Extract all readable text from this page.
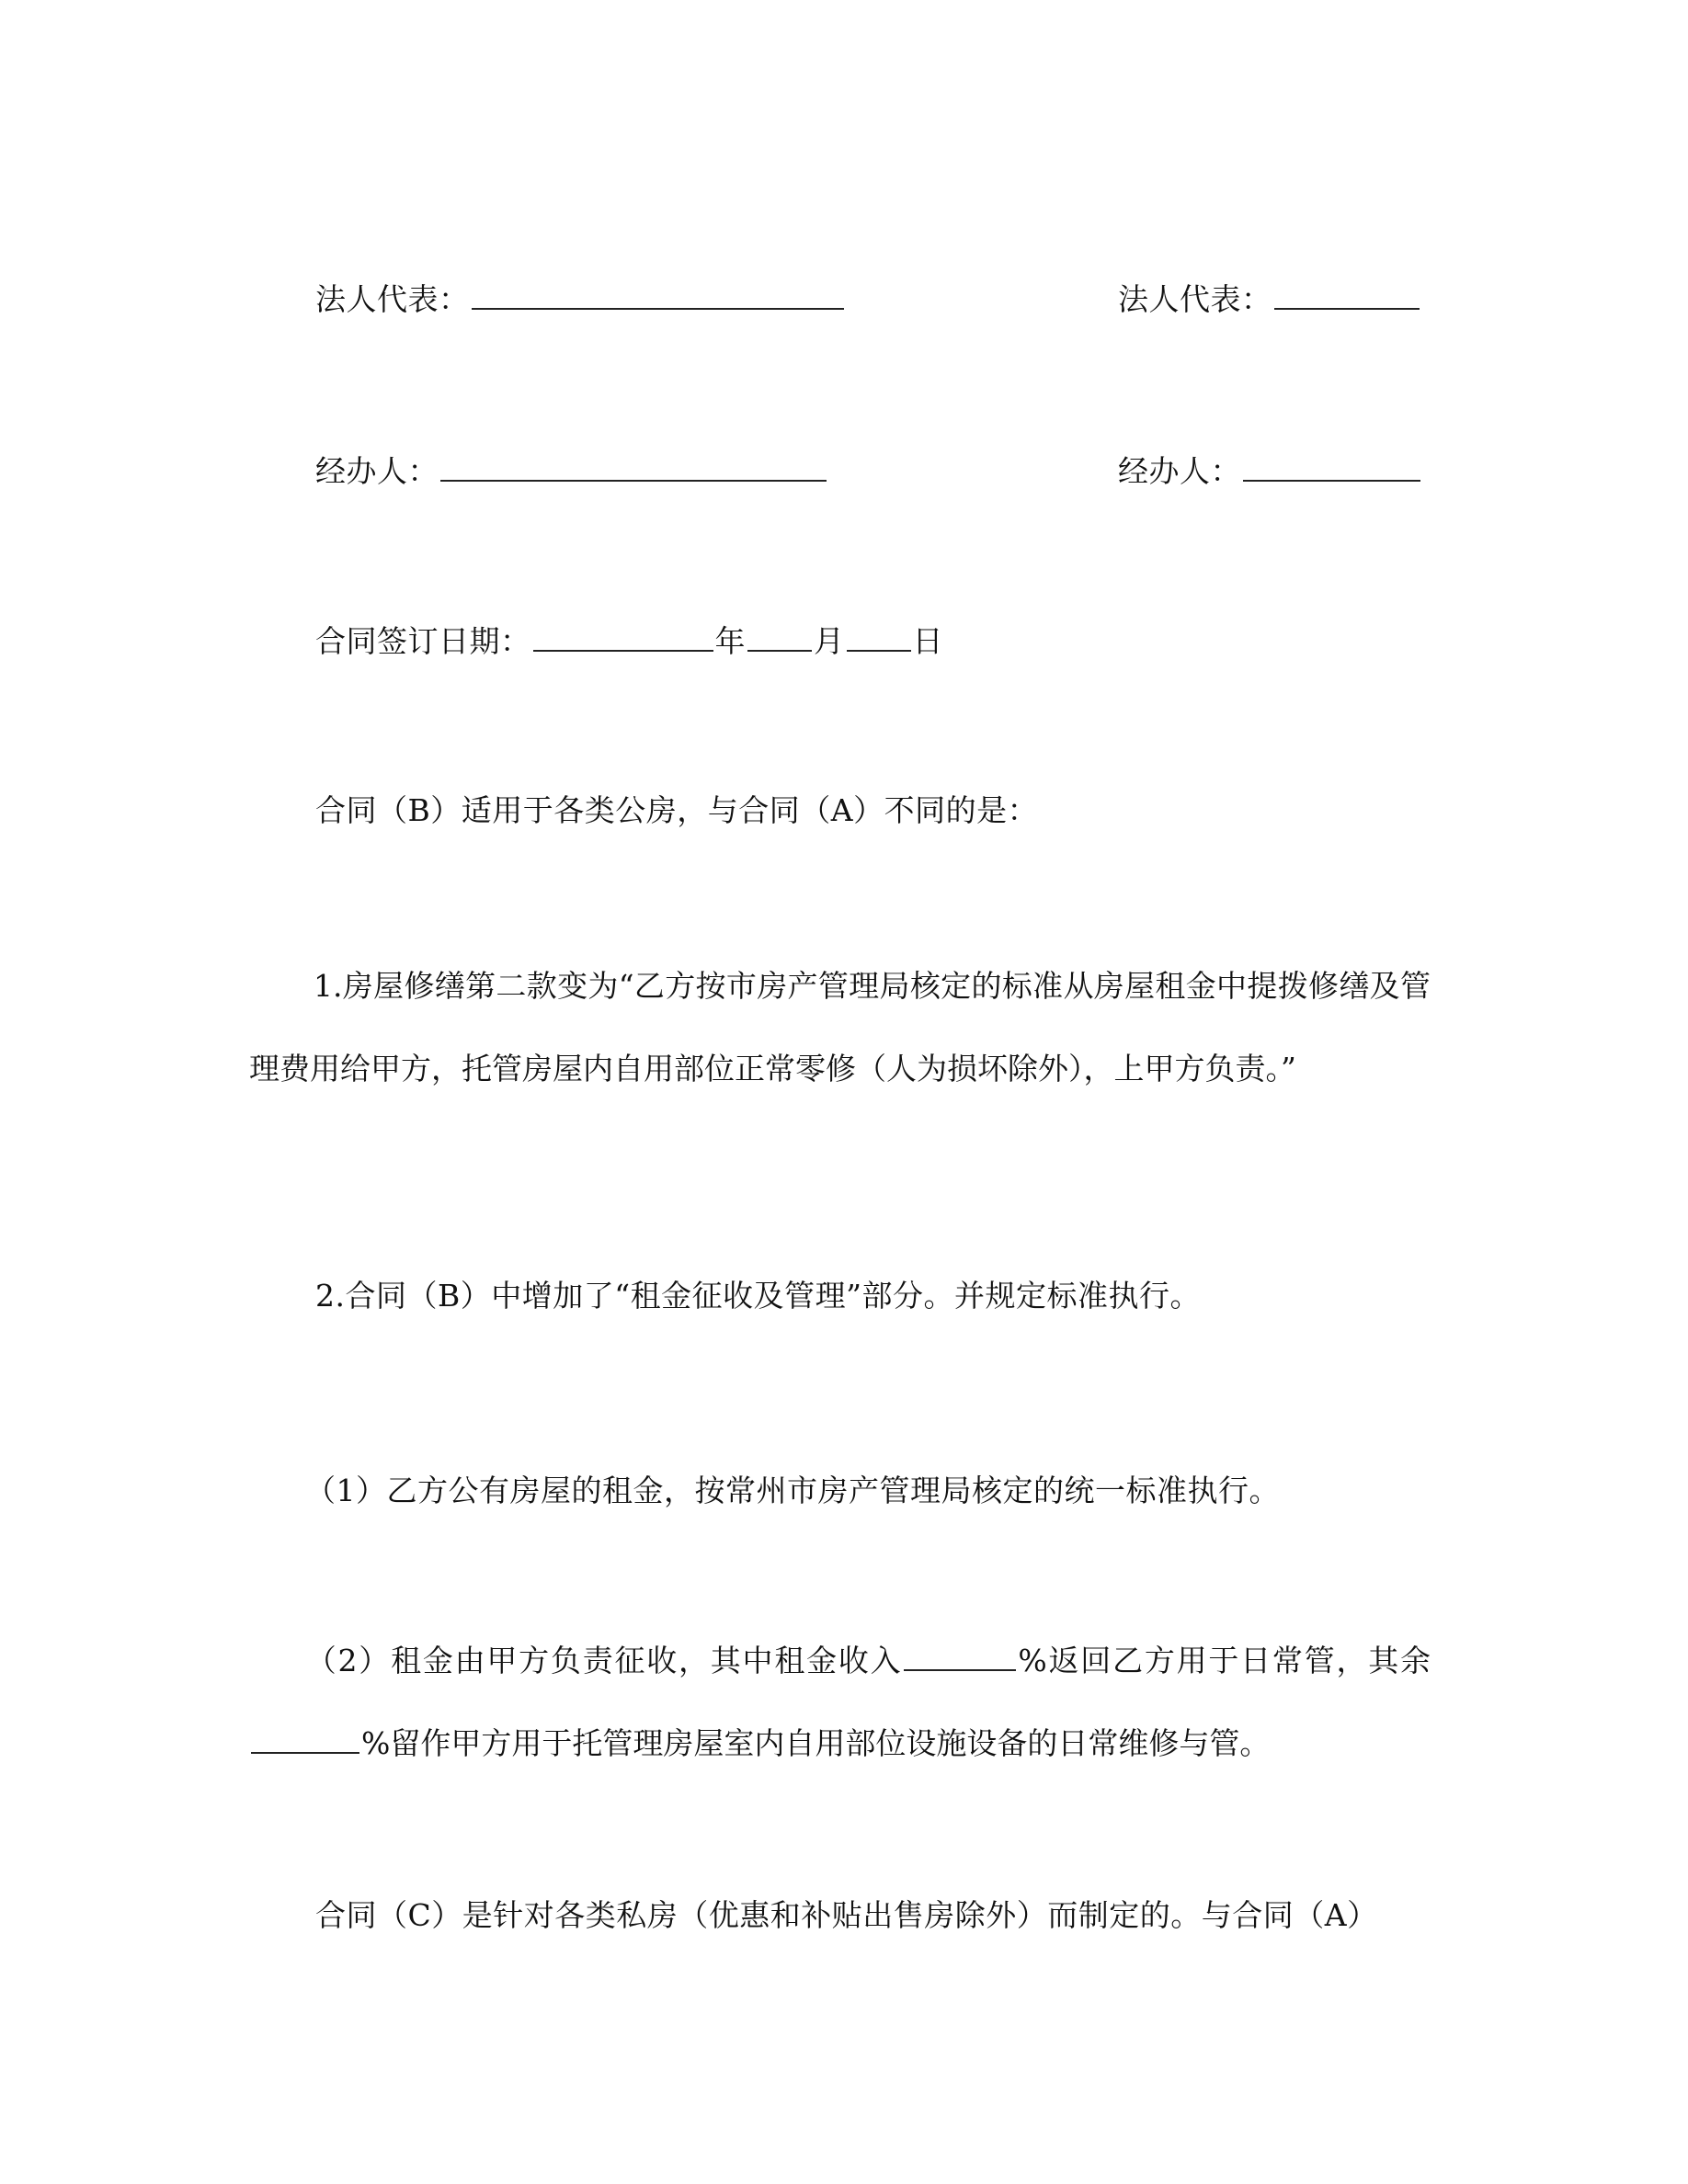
法人代表：	法人代表：
经办人：	经办人：
合同签订日期：	年 月 日
合同（B）适用于各类公房，与合同（A）不同的是：
1.房屋修缮第二款变为“乙方按市房产管理局核定的标准从房屋租金中提拨修缮及管理费用给甲方，托管房屋内自用部位正常零修（人为损坏除外），上甲方负责。”
2.合同（B）中增加了“租金征收及管理”部分。并规定标准执行。
（1）乙方公有房屋的租金，按常州市房产管理局核定的统一标准执行。
（2）租金由甲方负责征收，其中租金收入	%返回乙方用于日常管，其余%留作甲方用于托管理房屋室内自用部位设施设备的日常维修与管。
合同（C）是针对各类私房（优惠和补贴出售房除外）而制定的。与合同（A）
